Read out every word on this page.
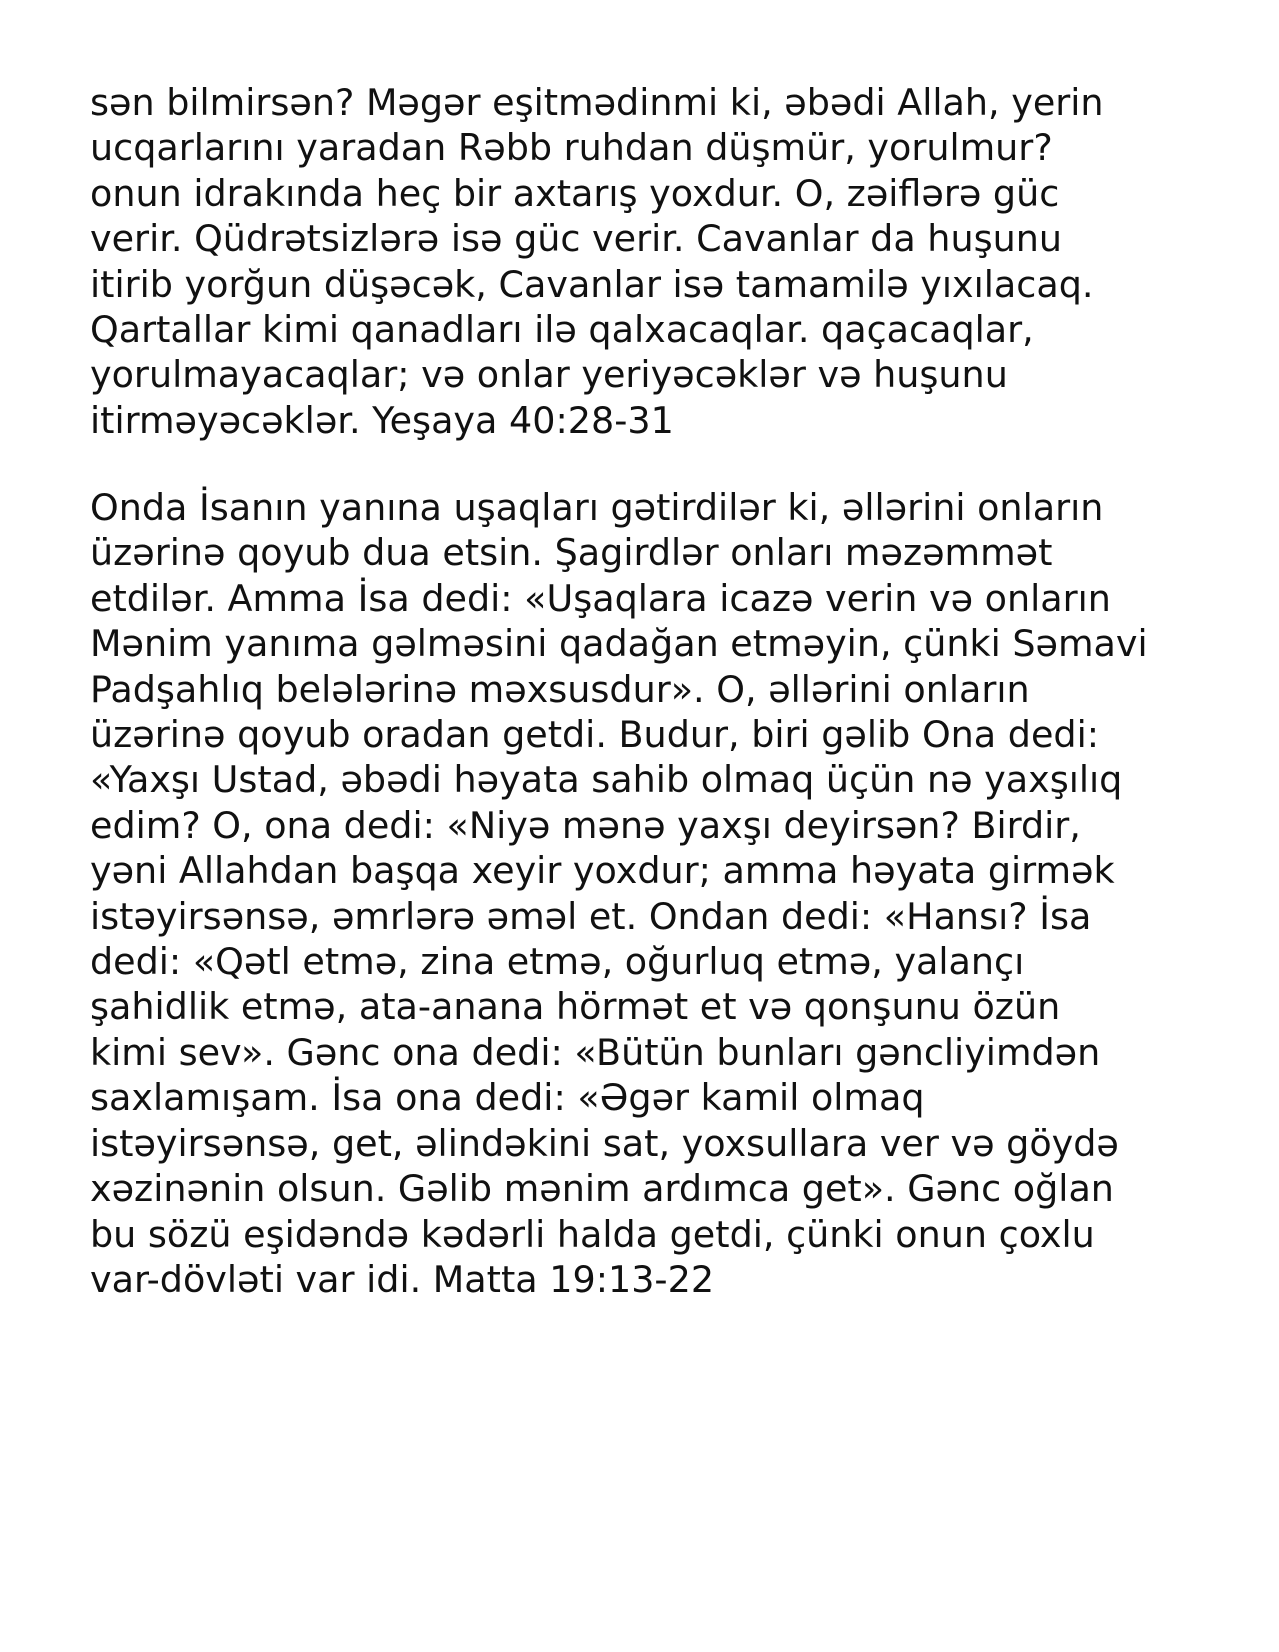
sən bilmirsən? Məgər eşitmədinmi ki, əbədi Allah, yerin
ucqarlarını yaradan Rəbb ruhdan düşmür, yorulmur?
onun idrakında heç bir axtarış yoxdur. O, zəiflərə güc
verir. Qüdrətsizlərə isə güc verir. Cavanlar da huşunu
itirib yorğun düşəcək, Cavanlar isə tamamilə yıxılacaq.
Qartallar kimi qanadları ilə qalxacaqlar. qaçacaqlar,
yorulmayacaqlar; və onlar yeriyəcəklər və huşunu
itirməyəcəklər. Yeşaya 40:28-31
Onda İsanın yanına uşaqları gətirdilər ki, əllərini onların
üzərinə qoyub dua etsin. Şagirdlər onları məzəmmət
etdilər. Amma İsa dedi: «Uşaqlara icazə verin və onların
Mənim yanıma gəlməsini qadağan etməyin, çünki Səmavi
Padşahlıq belələrinə məxsusdur». O, əllərini onların
üzərinə qoyub oradan getdi. Budur, biri gəlib Ona dedi:
«Yaxşı Ustad, əbədi həyata sahib olmaq üçün nə yaxşılıq
edim? O, ona dedi: «Niyə mənə yaxşı deyirsən? Birdir,
yəni Allahdan başqa xeyir yoxdur; amma həyata girmək
istəyirsənsə, əmrlərə əməl et. Ondan dedi: «Hansı? İsa
dedi: «Qətl etmə, zina etmə, oğurluq etmə, yalançı
şahidlik etmə, ata-anana hörmət et və qonşunu özün
kimi sev». Gənc ona dedi: «Bütün bunları gəncliyimdən
saxlamışam. İsa ona dedi: «Əgər kamil olmaq
istəyirsənsə, get, əlindəkini sat, yoxsullara ver və göydə
xəzinənin olsun. Gəlib mənim ardımca get». Gənc oğlan
bu sözü eşidəndə kədərli halda getdi, çünki onun çoxlu
var-dövləti var idi. Matta 19:13-22
